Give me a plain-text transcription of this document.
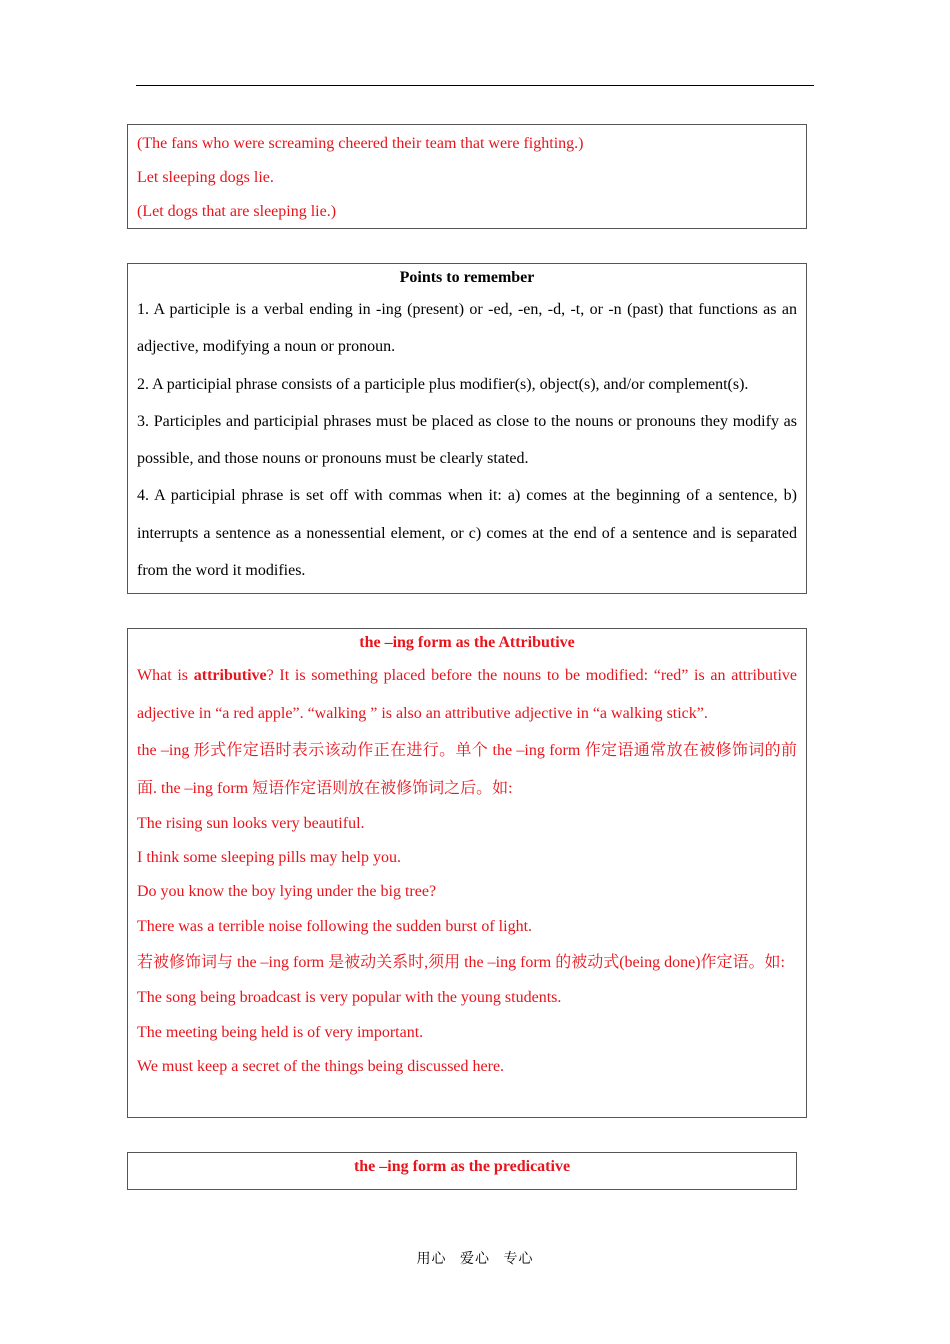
(The fans who were screaming cheered their team that were fighting.)

Let sleeping dogs lie.

(Let dogs that are sleeping lie.)

Points to remember

1. A participle is a verbal ending in -ing (present) or -ed, -en, -d, -t, or -n (past) that functions as an adjective, modifying a noun or pronoun.

2. A participial phrase consists of a participle plus modifier(s), object(s), and/or complement(s).

3. Participles and participial phrases must be placed as close to the nouns or pronouns they modify as possible, and those nouns or pronouns must be clearly stated.

4. A participial phrase is set off with commas when it: a) comes at the beginning of a sentence, b) interrupts a sentence as a nonessential element, or c) comes at the end of a sentence and is separated from the word it modifies.

the –ing form as the Attributive

What is attributive? It is something placed before the nouns to be modified: “red” is an attributive adjective in “a red apple”. “walking ” is also an attributive adjective in “a walking stick”.

the –ing 形式作定语时表示该动作正在进行。单个 the –ing form 作定语通常放在被修饰词的前面. the –ing form 短语作定语则放在被修饰词之后。如:

The rising sun looks very beautiful.

I think some sleeping pills may help you.

Do you know the boy lying under the big tree?

There was a terrible noise following the sudden burst of light.

若被修饰词与 the –ing form 是被动关系时,须用 the –ing form 的被动式(being done)作定语。如:

The song being broadcast is very popular with the young students.

The meeting being held is of very important.

We must keep a secret of the things being discussed here.

the –ing form as the predicative

用心 爱心 专心
